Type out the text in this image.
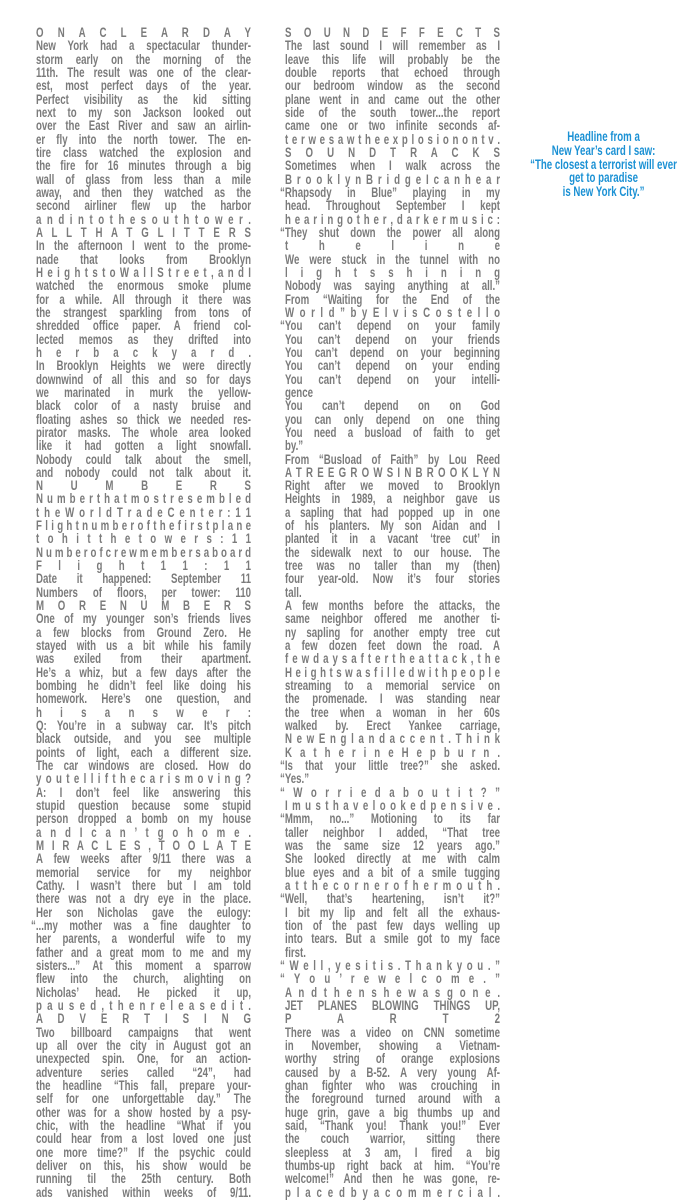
O N A C L E A R D A Y
New York had a spectacular thunder-
storm early on the morning of the
11th. The result was one of the clear-
est, most perfect days of the year.
Perfect visibility as the kid sitting
next to my son Jackson looked out
over the East River and saw an airlin-
er fly into the north tower. The en-
tire class watched the explosion and
the fire for 16 minutes through a big
wall of glass from less than a mile
away, and then they watched as the
second airliner flew up the harbor
a n d i n t o t h e s o u t h t o w e r .
A L L T H A T G L I T T E R S
In the afternoon I went to the prome-
nade that looks from Brooklyn
H e i g h t s t o W a l l S t r e e t , a n d I
watched the enormous smoke plume
for a while. All through it there was
the strangest sparkling from tons of
shredded office paper. A friend col-
lected memos as they drifted into
h e r b a c k y a r d .
In Brooklyn Heights we were directly
downwind of all this and so for days
we marinated in murk the yellow-
black color of a nasty bruise and
floating ashes so thick we needed res-
pirator masks. The whole area looked
like it had gotten a light snowfall.
Nobody could talk about the smell,
and nobody could not talk about it.
N U M B E R S
N u m b e r t h a t m o s t r e s e m b l e d
t h e W o r l d T r a d e C e n t e r : 1 1
F l i g h t n u m b e r o f t h e f i r s t p l a n e
t o h i t t h e t o w e r s : 1 1
N u m b e r o f c r e w m e m b e r s a b o a r d
F l i g h t 1 1 : 1 1
Date it happened: September 11
Numbers of floors, per tower: 110
M O R E N U M B E R S
One of my younger son’s friends lives
a few blocks from Ground Zero. He
stayed with us a bit while his family
was exiled from their apartment.
He’s a whiz, but a few days after the
bombing he didn’t feel like doing his
homework. Here’s one question, and
h i s a n s w e r :
Q: You’re in a subway car. It’s pitch
black outside, and you see multiple
points of light, each a different size.
The car windows are closed. How do
y o u t e l l i f t h e c a r i s m o v i n g ?
A: I don’t feel like answering this
stupid question because some stupid
person dropped a bomb on my house
a n d I c a n ’ t g o h o m e .
M I R A C L E S , T O O L A T E
A few weeks after 9/11 there was a
memorial service for my neighbor
Cathy. I wasn’t there but I am told
there was not a dry eye in the place.
Her son Nicholas gave the eulogy:
“...my mother was a fine daughter to
her parents, a wonderful wife to my
father and a great mom to me and my
sisters...” At this moment a sparrow
flew into the church, alighting on
Nicholas’ head. He picked it up,
p a u s e d , t h e n r e l e a s e d i t .
A D V E R T I S I N G
Two billboard campaigns that went
up all over the city in August got an
unexpected spin. One, for an action-
adventure series called “24”, had
the headline “This fall, prepare your-
self for one unforgettable day.” The
other was for a show hosted by a psy-
chic, with the headline “What if you
could hear from a lost loved one just
one more time?” If the psychic could
deliver on this, his show would be
running til the 25th century. Both
ads vanished within weeks of 9/11.
S O U N D E F F E C T S
The last sound I will remember as I
leave this life will probably be the
double reports that echoed through
our bedroom window as the second
plane went in and came out the other
side of the south tower...the report
came one or two infinite seconds af-
t e r w e s a w t h e e x p l o s i o n o n t v .
S O U N D T R A C K S
Sometimes when I walk across the
B r o o k l y n B r i d g e I c a n h e a r
“Rhapsody in Blue” playing in my
head. Throughout September I kept
h e a r i n g o t h e r , d a r k e r m u s i c :
“They shut down the power all along
t h e l i n e
We were stuck in the tunnel with no
l i g h t s s h i n i n g
Nobody was saying anything at all.”
From “Waiting for the End of the
W o r l d ” b y E l v i s C o s t e l l o
“You can’t depend on your family
You can’t depend on your friends
You can’t depend on your beginning
You can’t depend on your ending
You can’t depend on your intelli-
gence
You can’t depend on on God
you can only depend on one thing
You need a busload of faith to get
by.”
From “Busload of Faith” by Lou Reed
A T R E E G R O W S I N B R O O K L Y N
Right after we moved to Brooklyn
Heights in 1989, a neighbor gave us
a sapling that had popped up in one
of his planters. My son Aidan and I
planted it in a vacant ‘tree cut’ in
the sidewalk next to our house. The
tree was no taller than my (then)
four year-old. Now it’s four stories
tall.
A few months before the attacks, the
same neighbor offered me another ti-
ny sapling for another empty tree cut
a few dozen feet down the road. A
f e w d a y s a f t e r t h e a t t a c k , t h e
H e i g h t s w a s f i l l e d w i t h p e o p l e
streaming to a memorial service on
the promenade. I was standing near
the tree when a woman in her 60s
walked by. Erect Yankee carriage,
N e w E n g l a n d a c c e n t . T h i n k
K a t h e r i n e H e p b u r n .
“Is that your little tree?” she asked.
“Yes.”
“ W o r r i e d a b o u t i t ? ”
I m u s t h a v e l o o k e d p e n s i v e .
“Mmm, no...” Motioning to its far
taller neighbor I added, “That tree
was the same size 12 years ago.”
She looked directly at me with calm
blue eyes and a bit of a smile tugging
a t t h e c o r n e r o f h e r m o u t h .
“Well, that’s heartening, isn’t it?”
I bit my lip and felt all the exhaus-
tion of the past few days welling up
into tears. But a smile got to my face
first.
“ W e l l , y e s i t i s . T h a n k y o u . ”
“ Y o u ’ r e w e l c o m e . ”
A n d t h e n s h e w a s g o n e .
JET PLANES BLOWING THINGS UP,
P A R T 2
There was a video on CNN sometime
in November, showing a Vietnam-
worthy string of orange explosions
caused by a B-52. A very young Af-
ghan fighter who was crouching in
the foreground turned around with a
huge grin, gave a big thumbs up and
said, “Thank you! Thank you!” Ever
the couch warrior, sitting there
sleepless at 3 am, I fired a big
thumbs-up right back at him. “You’re
welcome!” And then he was gone, re-
p l a c e d b y a c o m m e r c i a l .
Headline from a
New Year’s card I saw:
“The closest a terrorist will ever
get to paradise
is New York City.”
